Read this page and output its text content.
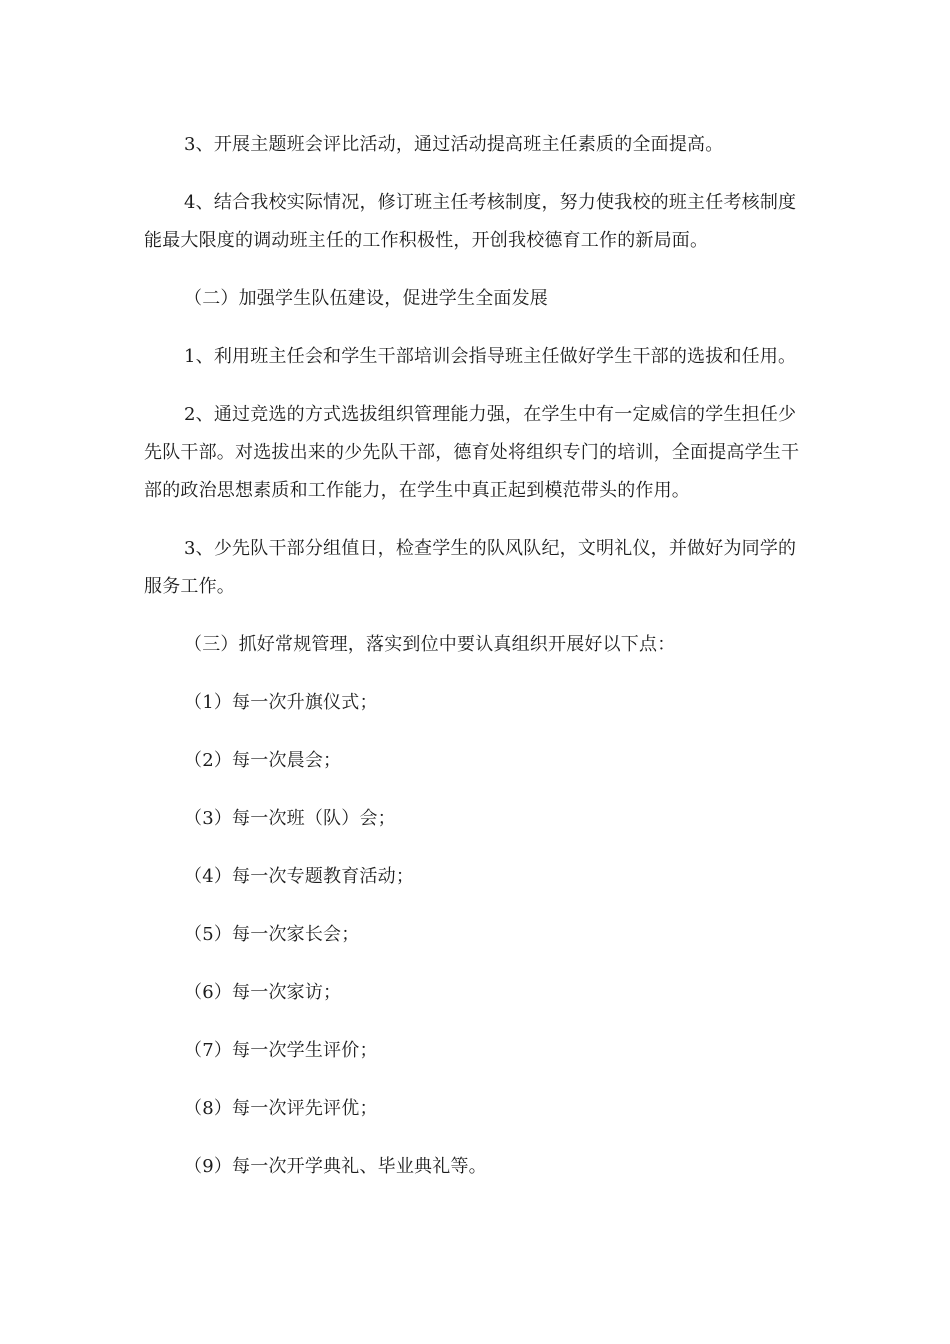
3、开展主题班会评比活动，通过活动提高班主任素质的全面提高。

4、结合我校实际情况，修订班主任考核制度，努力使我校的班主任考核制度能最大限度的调动班主任的工作积极性，开创我校德育工作的新局面。

（二）加强学生队伍建设，促进学生全面发展

1、利用班主任会和学生干部培训会指导班主任做好学生干部的选拔和任用。

2、通过竞选的方式选拔组织管理能力强，在学生中有一定威信的学生担任少先队干部。对选拔出来的少先队干部，德育处将组织专门的培训，全面提高学生干部的政治思想素质和工作能力，在学生中真正起到模范带头的作用。

3、少先队干部分组值日，检查学生的队风队纪，文明礼仪，并做好为同学的服务工作。

（三）抓好常规管理，落实到位中要认真组织开展好以下点：

（1）每一次升旗仪式；

（2）每一次晨会；

（3）每一次班（队）会；

（4）每一次专题教育活动；

（5）每一次家长会；

（6）每一次家访；

（7）每一次学生评价；

（8）每一次评先评优；

（9）每一次开学典礼、毕业典礼等。
